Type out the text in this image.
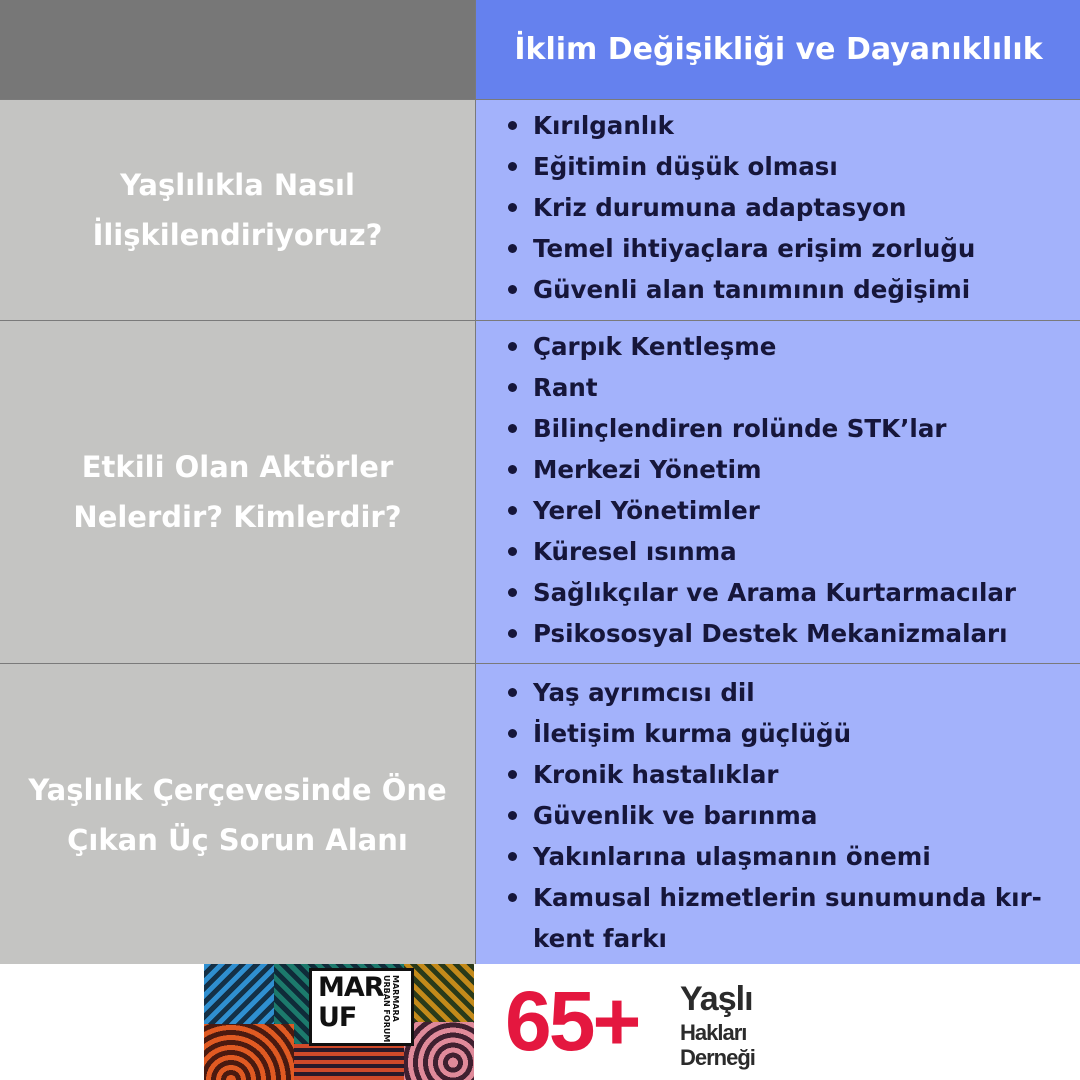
İklim Değişikliği ve Dayanıklılık
Yaşlılıkla Nasıl
İlişkilendiriyoruz?
Kırılganlık
Eğitimin düşük olması
Kriz durumuna adaptasyon
Temel ihtiyaçlara erişim zorluğu
Güvenli alan tanımının değişimi
Etkili Olan Aktörler
Nelerdir? Kimlerdir?
Çarpık Kentleşme
Rant
Bilinçlendiren rolünde STK’lar
Merkezi Yönetim
Yerel Yönetimler
Küresel ısınma
Sağlıkçılar ve Arama Kurtarmacılar
Psikososyal Destek Mekanizmaları
Yaşlılık Çerçevesinde Öne
Çıkan Üç Sorun Alanı
Yaş ayrımcısı dil
İletişim kurma güçlüğü
Kronik hastalıklar
Güvenlik ve barınma
Yakınlarına ulaşmanın önemi
Kamusal hizmetlerin sunumunda kır-
kent farkı
MAR
UF	MARMARA URBAN FORUM 65+ Yaşlı
Hakları
Derneği
